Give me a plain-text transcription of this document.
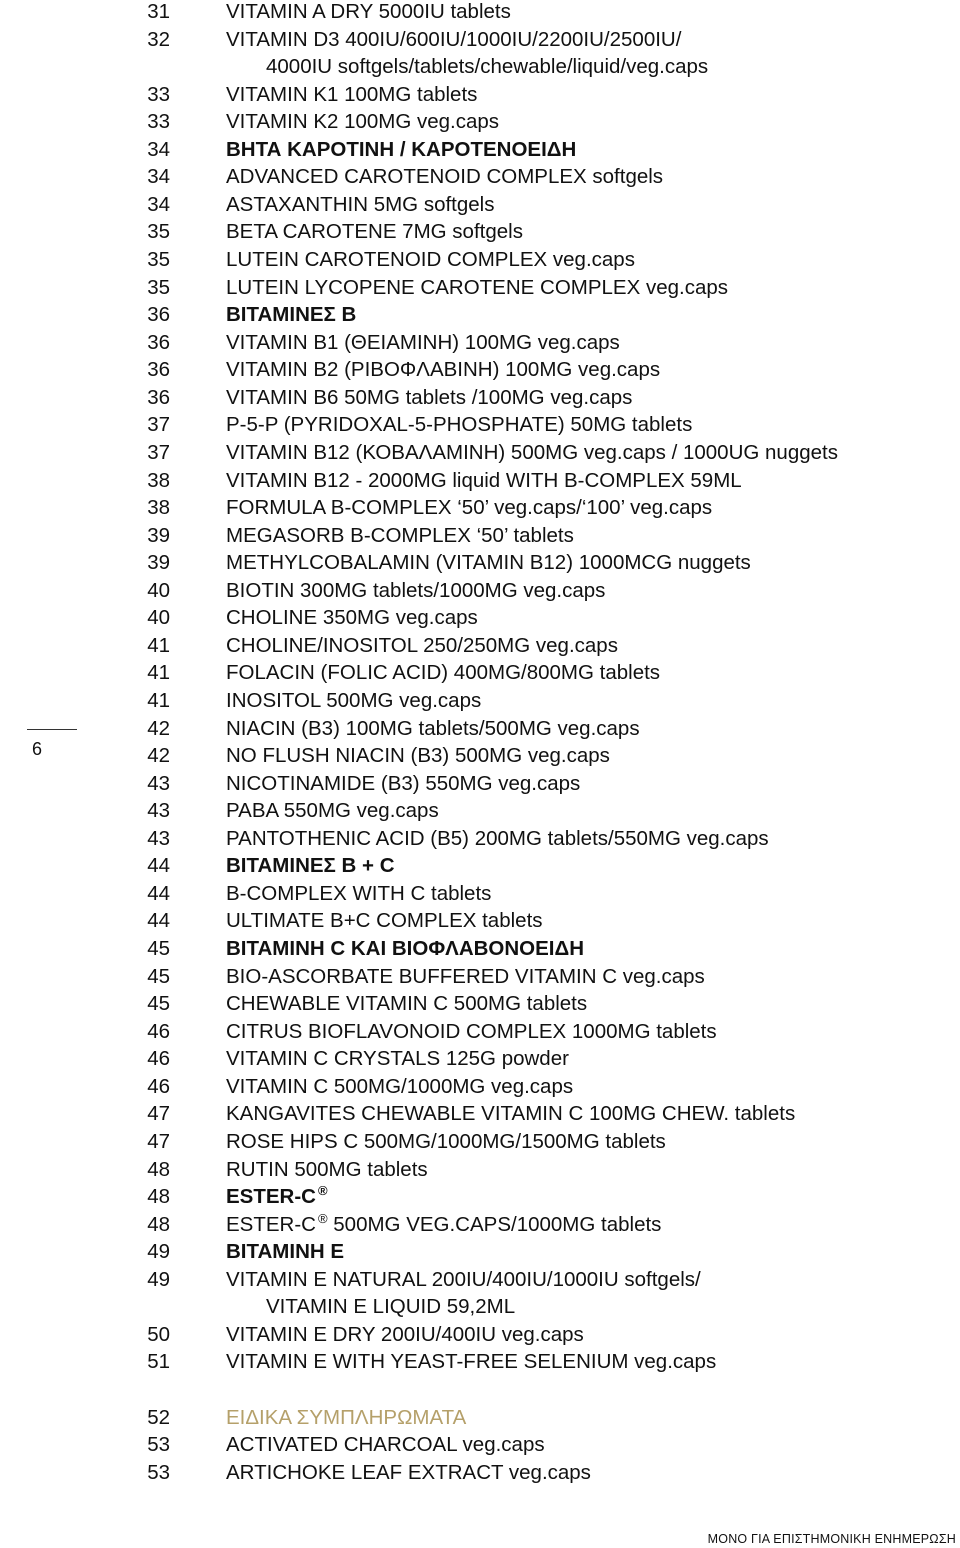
6
31	VITAMIN A DRY 5000IU tablets
32	VITAMIN D3 400IU/600IU/1000IU/2200IU/2500IU/
4000IU softgels/tablets/chewable/liquid/veg.caps
33	VITAMIN K1 100MG tablets
33	VITAMIN K2 100MG veg.caps
34	ΒΗΤΑ ΚΑΡΟΤΙΝΗ / ΚΑΡΟΤΕΝΟΕΙΔΗ
34	ADVANCED CAROTENOID COMPLEX softgels
34	ASTAXANTHIN 5MG softgels
35	BETA CAROTENE 7MG softgels
35	LUTEIN CAROTENOID COMPLEX veg.caps
35	LUTEIN LYCOPENE CAROTENE COMPLEX veg.caps
36	ΒΙΤΑΜΙΝΕΣ Β
36	VITAMIN B1 (ΘΕΙΑΜΙΝΗ) 100MG veg.caps
36	VITAMIN B2 (ΡΙΒΟΦΛΑΒΙΝΗ) 100MG veg.caps
36	VITAMIN B6 50MG tablets /100MG veg.caps
37	P-5-P (PYRIDOXAL-5-PHOSPHATE) 50MG tablets
37	VITAMIN B12 (ΚΟΒΑΛΑΜΙΝΗ) 500MG veg.caps / 1000UG nuggets
38	VITAMIN B12 - 2000MG liquid WITH B-COMPLEX 59ML
38	FORMULA B-COMPLEX ‘50’ veg.caps/‘100’ veg.caps
39	MEGASORB B-COMPLEX ‘50’ tablets
39	METHYLCOBALAMIN (VITAMIN B12) 1000MCG nuggets
40	BIOTIN 300MG tablets/1000MG veg.caps
40	CHOLINE 350MG veg.caps
41	CHOLINE/INOSITOL 250/250MG veg.caps
41	FOLACIN (FOLIC ACID) 400MG/800MG tablets
41	INOSITOL 500MG veg.caps
42	NIACIN (B3) 100MG tablets/500MG veg.caps
42	NO FLUSH NIACIN (B3) 500MG veg.caps
43	NICOTINAMIDE (B3) 550MG veg.caps
43	PABA 550MG veg.caps
43	PANTOTHENIC ACID (B5) 200MG tablets/550MG veg.caps
44	ΒΙΤΑΜΙΝΕΣ Β + C
44	B-COMPLEX WITH C tablets
44	ULTIMATE B+C COMPLEX tablets
45	ΒΙΤΑΜΙΝΗ C ΚΑΙ ΒΙΟΦΛΑΒΟΝΟΕΙΔΗ
45	BIO-ASCORBATE BUFFERED VITAMIN C veg.caps
45	CHEWABLE VITAMIN C 500MG tablets
46	CITRUS BIOFLAVONOID COMPLEX 1000MG tablets
46	VITAMIN C CRYSTALS 125G powder
46	VITAMIN C 500MG/1000MG veg.caps
47	KANGAVITES CHEWABLE VITAMIN C 100MG CHEW. tablets
47	ROSE HIPS C 500MG/1000MG/1500MG tablets
48	RUTIN 500MG tablets
48	ESTER-C ®
48	ESTER-C ® 500MG VEG.CAPS/1000MG tablets
49	ΒΙΤΑΜΙΝΗ Ε
49	VITAMIN E NATURAL 200IU/400IU/1000IU softgels/
VITAMIN E LIQUID 59,2ML
50	VITAMIN E DRY 200IU/400IU veg.caps
51	VITAMIN E WITH YEAST-FREE SELENIUM veg.caps
52	ΕΙΔΙΚΑ ΣΥΜΠΛΗΡΩΜΑΤΑ
53	ACTIVATED CHARCOAL veg.caps
53	ARTICHOKE LEAF EXTRACT veg.caps
ΜΟΝΟ ΓΙΑ ΕΠΙΣΤΗΜΟΝΙΚΗ ΕΝΗΜΕΡΩΣΗ
